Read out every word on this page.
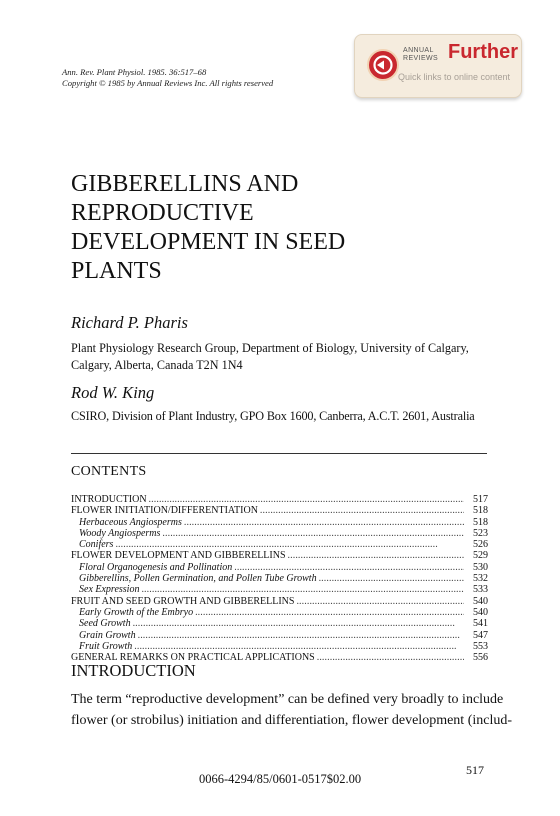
Ann. Rev. Plant Physiol. 1985. 36:517–68
Copyright © 1985 by Annual Reviews Inc. All rights reserved
ANNUAL
REVIEWS Further
Quick links to online content
GIBBERELLINS AND
REPRODUCTIVE
DEVELOPMENT IN SEED
PLANTS
Richard P. Pharis
Plant Physiology Research Group, Department of Biology, University of Calgary,
Calgary, Alberta, Canada T2N 1N4
Rod W. King
CSIRO, Division of Plant Industry, GPO Box 1600, Canberra, A.C.T. 2601, Australia
CONTENTS
INTRODUCTION . . .	517
FLOWER INITIATION/DIFFERENTIATION . . .	518
Herbaceous Angiosperms . . .	518
Woody Angiosperms . . .	523
Conifers . . .	526
FLOWER DEVELOPMENT AND GIBBERELLINS . . .	529
Floral Organogenesis and Pollination . . .	530
Gibberellins, Pollen Germination, and Pollen Tube Growth . . .	532
Sex Expression . . .	533
FRUIT AND SEED GROWTH AND GIBBERELLINS . . .	540
Early Growth of the Embryo . . .	540
Seed Growth . . .	541
Grain Growth . . .	547
Fruit Growth . . .	553
GENERAL REMARKS ON PRACTICAL APPLICATIONS . . .	556
INTRODUCTION
The term “reproductive development” can be defined very broadly to include
flower (or strobilus) initiation and differentiation, flower development (includ-
517
0066-4294/85/0601-0517$02.00
